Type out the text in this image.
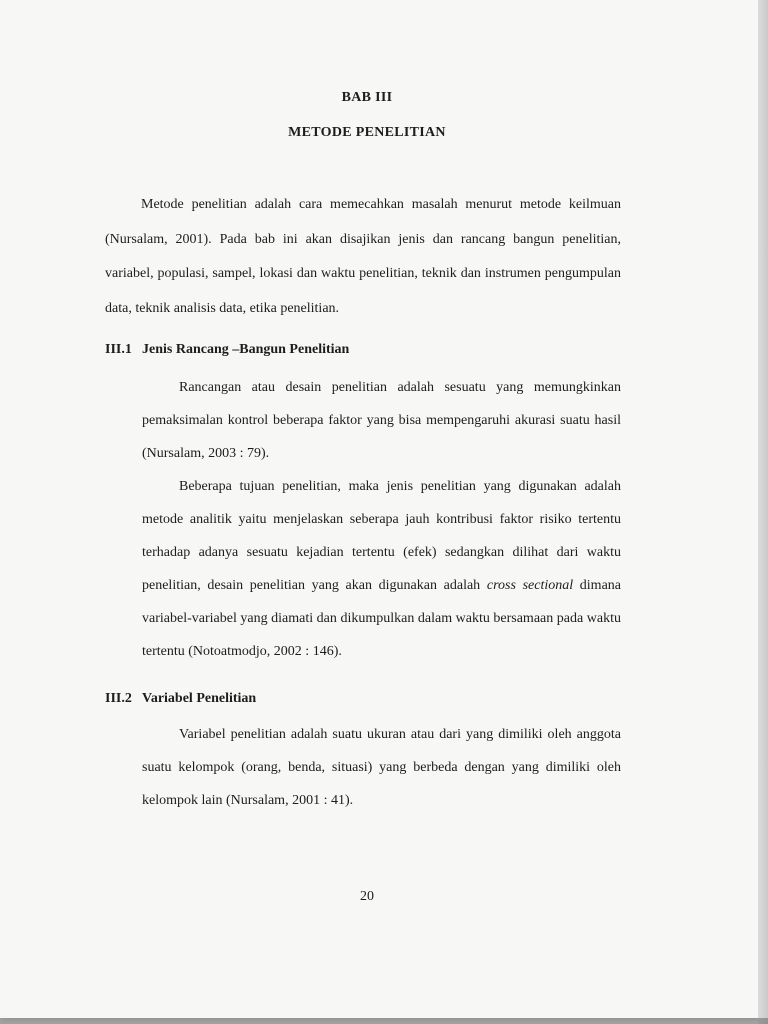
BAB III
METODE PENELITIAN

Metode penelitian adalah cara memecahkan masalah menurut metode keilmuan (Nursalam, 2001). Pada bab ini akan disajikan jenis dan rancang bangun penelitian, variabel, populasi, sampel, lokasi dan waktu penelitian, teknik dan instrumen pengumpulan data, teknik analisis data, etika penelitian.

III.1 Jenis Rancang –Bangun Penelitian

Rancangan atau desain penelitian adalah sesuatu yang memungkinkan pemaksimalan kontrol beberapa faktor yang bisa mempengaruhi akurasi suatu hasil (Nursalam, 2003 : 79).

Beberapa tujuan penelitian, maka jenis penelitian yang digunakan adalah metode analitik yaitu menjelaskan seberapa jauh kontribusi faktor risiko tertentu terhadap adanya sesuatu kejadian tertentu (efek) sedangkan dilihat dari waktu penelitian, desain penelitian yang akan digunakan adalah cross sectional dimana variabel-variabel yang diamati dan dikumpulkan dalam waktu bersamaan pada waktu tertentu (Notoatmodjo, 2002 : 146).

III.2 Variabel Penelitian

Variabel penelitian adalah suatu ukuran atau dari yang dimiliki oleh anggota suatu kelompok (orang, benda, situasi) yang berbeda dengan yang dimiliki oleh kelompok lain (Nursalam, 2001 : 41).

20
